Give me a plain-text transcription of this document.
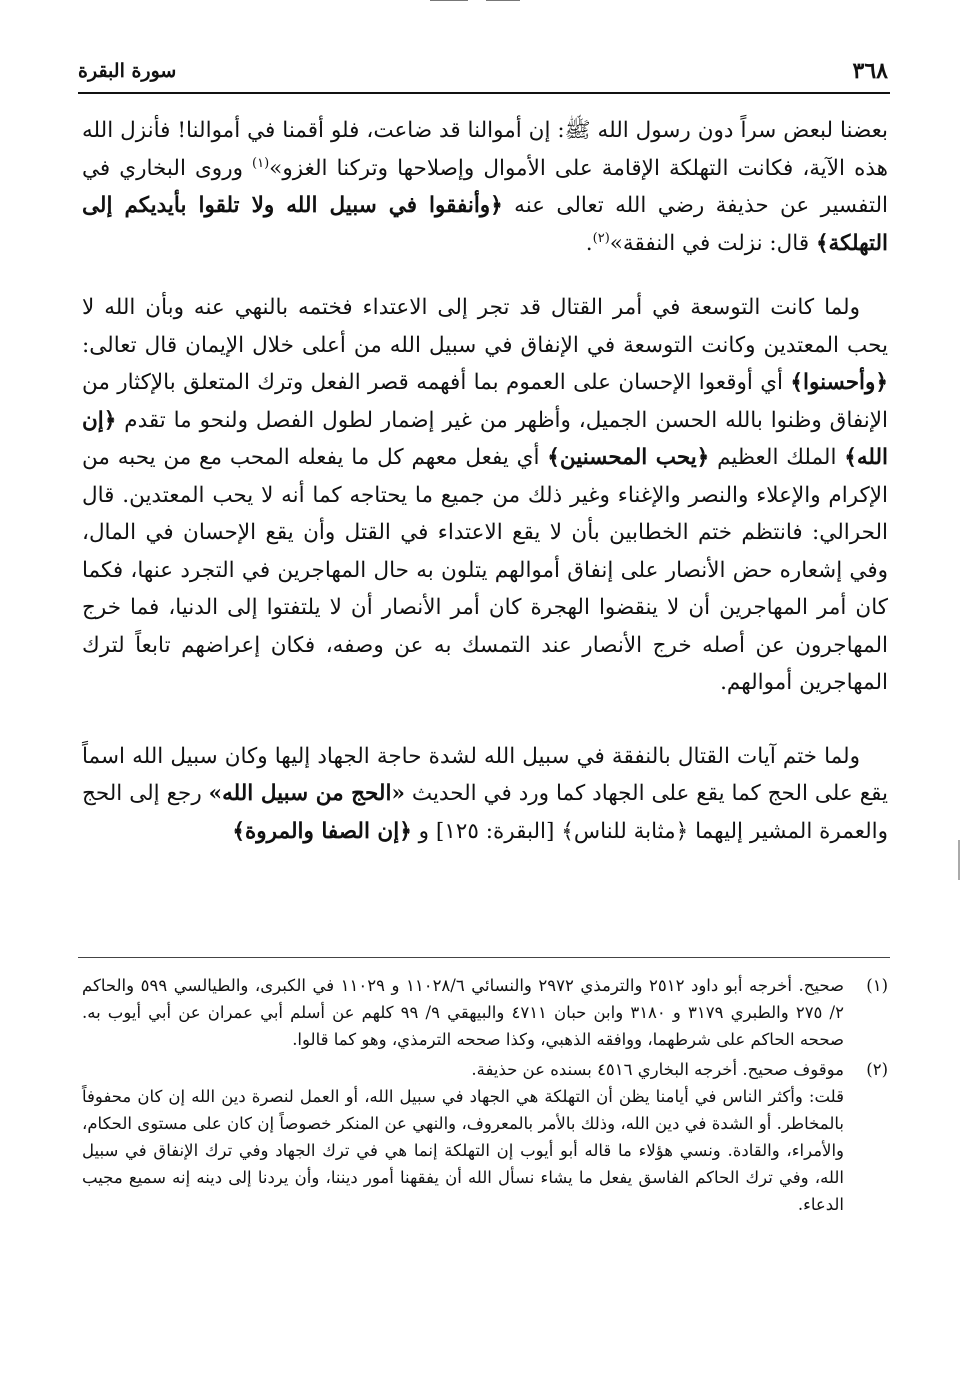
٣٦٨
سورة البقرة

بعضنا لبعض سراً دون رسول الله ﷺ: إن أموالنا قد ضاعت، فلو أقمنا في أموالنا! فأنزل الله هذه الآية، فكانت التهلكة الإقامة على الأموال وإصلاحها وتركنا الغزو»$^{(١)}$ وروى البخاري في التفسير عن حذيفة رضي الله تعالى عنه ﴿وأنفقوا في سبيل الله ولا تلقوا بأيديكم إلى التهلكة﴾ قال: نزلت في النفقة»$^{(٢)}$.

ولما كانت التوسعة في أمر القتال قد تجر إلى الاعتداء فختمه بالنهي عنه وبأن الله لا يحب المعتدين وكانت التوسعة في الإنفاق في سبيل الله من أعلى خلال الإيمان قال تعالى: ﴿وأحسنوا﴾ أي أوقعوا الإحسان على العموم بما أفهمه قصر الفعل وترك المتعلق بالإكثار من الإنفاق وظنوا بالله الحسن الجميل، وأظهر من غير إضمار لطول الفصل ولنحو ما تقدم ﴿إن الله﴾ الملك العظيم ﴿يحب المحسنين﴾ أي يفعل معهم كل ما يفعله المحب مع من يحبه من الإكرام والإعلاء والنصر والإغناء وغير ذلك من جميع ما يحتاجه كما أنه لا يحب المعتدين. قال الحرالي: فانتظم ختم الخطابين بأن لا يقع الاعتداء في القتل وأن يقع الإحسان في المال، وفي إشعاره حض الأنصار على إنفاق أموالهم يتلون به حال المهاجرين في التجرد عنها، فكما كان أمر المهاجرين أن لا ينقضوا الهجرة كان أمر الأنصار أن لا يلتفتوا إلى الدنيا، فما خرج المهاجرون عن أصله خرج الأنصار عند التمسك به عن وصفه، فكان إعراضهم تابعاً لترك المهاجرين أموالهم.

ولما ختم آيات القتال بالنفقة في سبيل الله لشدة حاجة الجهاد إليها وكان سبيل الله اسماً يقع على الحج كما يقع على الجهاد كما ورد في الحديث «الحج من سبيل الله» رجع إلى الحج والعمرة المشير إليهما ﴿مثابة للناس﴾ [البقرة: ١٢٥] و ﴿إن الصفا والمروة﴾

(١)

صحيح. أخرجه أبو داود ٢٥١٢ والترمذي ٢٩٧٢ والنسائي ١١٠٢٨/٦ و ١١٠٢٩ في الكبرى، والطيالسي ٥٩٩ والحاكم ٢/ ٢٧٥ والطبري ٣١٧٩ و ٣١٨٠ وابن حبان ٤٧١١ والبيهقي ٩/ ٩٩ كلهم عن أسلم أبي عمران عن أبي أيوب به. صححه الحاكم على شرطهما، ووافقه الذهبي، وكذا صححه الترمذي، وهو كما قالوا.

(٢)

موقوف صحيح. أخرجه البخاري ٤٥١٦ بسنده عن حذيفة.

قلت: وأكثر الناس في أيامنا يظن أن التهلكة هي الجهاد في سبيل الله، أو العمل لنصرة دين الله إن كان محفوفاً بالمخاطر. أو الشدة في دين الله، وذلك بالأمر بالمعروف، والنهي عن المنكر خصوصاً إن كان على مستوى الحكام، والأمراء، والقادة. ونسي هؤلاء ما قاله أبو أيوب إن التهلكة إنما هي في ترك الجهاد وفي ترك الإنفاق في سبيل الله، وفي ترك الحاكم الفاسق يفعل ما يشاء نسأل الله أن يفقهنا أمور ديننا، وأن يردنا إلى دينه إنه سميع مجيب الدعاء.
